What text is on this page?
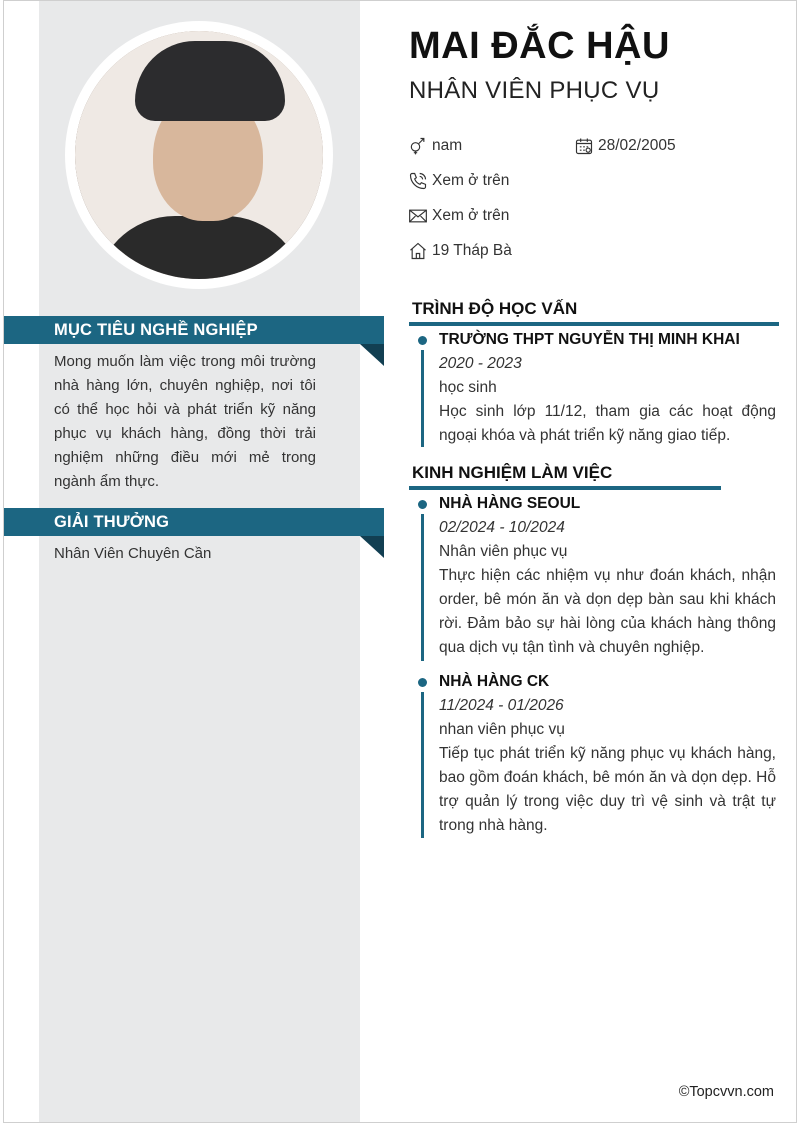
MỤC TIÊU NGHỀ NGHIỆP
Mong muốn làm việc trong môi trường nhà hàng lớn, chuyên nghiệp, nơi tôi có thể học hỏi và phát triển kỹ năng phục vụ khách hàng, đồng thời trải nghiệm những điều mới mẻ trong ngành ẩm thực.
GIẢI THƯỞNG
Nhân Viên Chuyên Cần
MAI ĐẮC HẬU
NHÂN VIÊN PHỤC VỤ
nam	28/02/2005
Xem ở trên
Xem ở trên
19 Tháp Bà
TRÌNH ĐỘ HỌC VẤN
TRƯỜNG THPT NGUYỄN THỊ MINH KHAI
2020 - 2023
học sinh
Học sinh lớp 11/12, tham gia các hoạt động ngoại khóa và phát triển kỹ năng giao tiếp.
KINH NGHIỆM LÀM VIỆC
NHÀ HÀNG SEOUL
02/2024 - 10/2024
Nhân viên phục vụ
Thực hiện các nhiệm vụ như đoán khách, nhận order, bê món ăn và dọn dẹp bàn sau khi khách rời. Đảm bảo sự hài lòng của khách hàng thông qua dịch vụ tận tình và chuyên nghiệp.
NHÀ HÀNG CK
11/2024 - 01/2026
nhan viên phục vụ
Tiếp tục phát triển kỹ năng phục vụ khách hàng, bao gồm đoán khách, bê món ăn và dọn dẹp. Hỗ trợ quản lý trong việc duy trì vệ sinh và trật tự trong nhà hàng.
©Topcvvn.com
